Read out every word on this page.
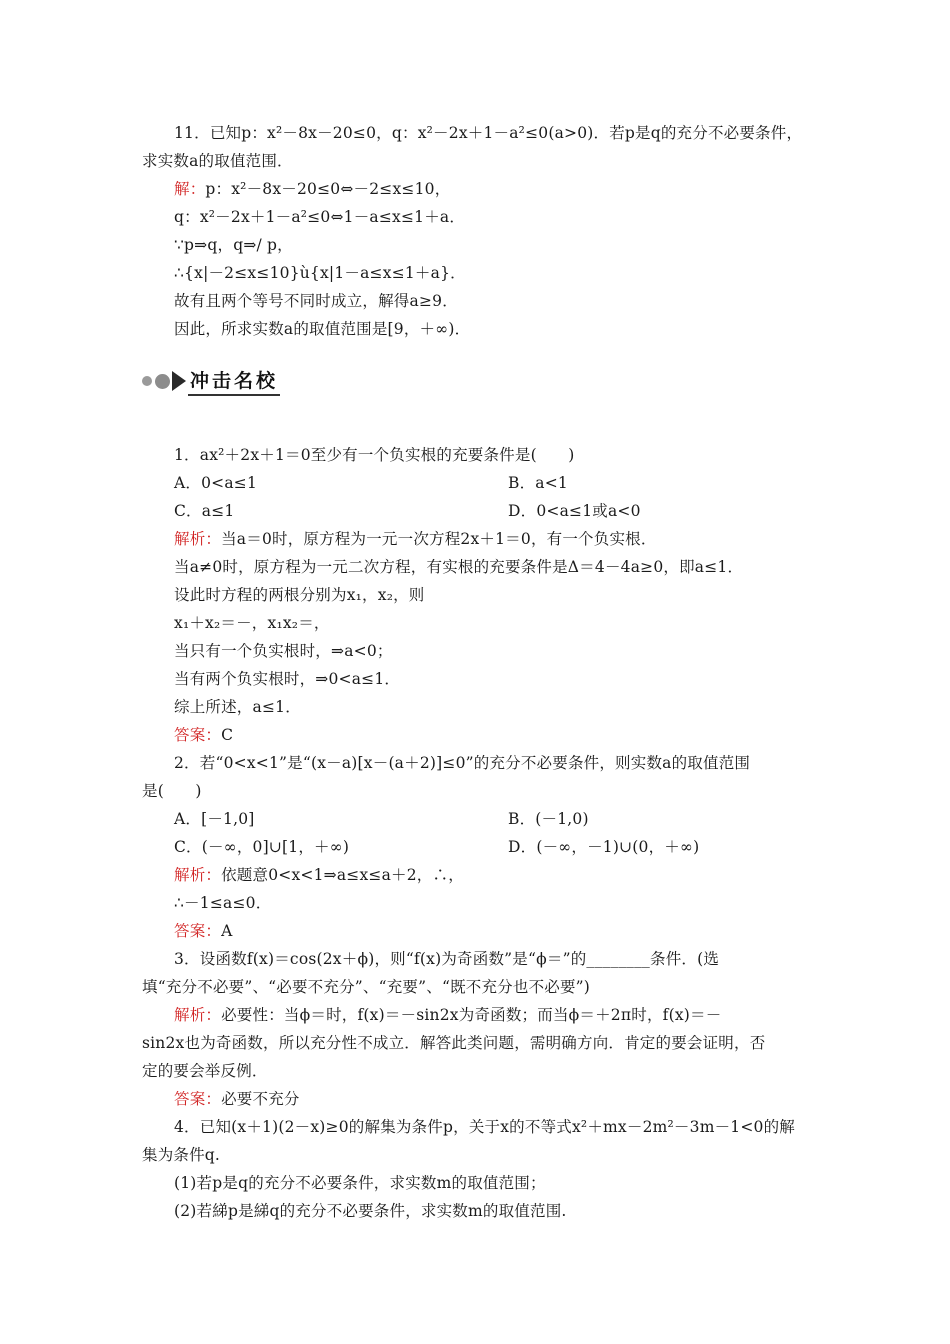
11．已知p：x²－8x－20≤0，q：x²－2x＋1－a²≤0(a>0)．若p是q的充分不必要条件，
求实数a的取值范围．
解：p：x²－8x－20≤0⇔－2≤x≤10，
q：x²－2x＋1－a²≤0⇔1－a≤x≤1＋a．
∵p⇒q，q⇒/ p，
∴{x|－2≤x≤10}ù{x|1－a≤x≤1＋a}．
故有且两个等号不同时成立，解得a≥9．
因此，所求实数a的取值范围是[9，＋∞)．
冲击名校
1．ax²＋2x＋1＝0至少有一个负实根的充要条件是(　　)
A．0<a≤1	B．a<1
C．a≤1	D．0<a≤1或a<0
解析：当a＝0时，原方程为一元一次方程2x＋1＝0，有一个负实根．
当a≠0时，原方程为一元二次方程，有实根的充要条件是Δ＝4－4a≥0，即a≤1．
设此时方程的两根分别为x₁，x₂，则
x₁＋x₂＝－，x₁x₂＝，
当只有一个负实根时，⇒a<0；
当有两个负实根时，⇒0<a≤1．
综上所述，a≤1．
答案：C
2．若“0<x<1”是“(x－a)[x－(a＋2)]≤0”的充分不必要条件，则实数a的取值范围
是(　　)
A．[－1,0]	B．(－1,0)
C．(－∞，0]∪[1，＋∞)	D．(－∞，－1)∪(0，＋∞)
解析：依题意0<x<1⇒a≤x≤a＋2，∴，
∴－1≤a≤0．
答案：A
3．设函数f(x)＝cos(2x＋ϕ)，则“f(x)为奇函数”是“ϕ＝”的________条件．(选
填“充分不必要”、“必要不充分”、“充要”、“既不充分也不必要”)
解析：必要性：当ϕ＝时，f(x)＝－sin2x为奇函数；而当ϕ＝＋2π时，f(x)＝－
sin2x也为奇函数，所以充分性不成立．解答此类问题，需明确方向．肯定的要会证明，否
定的要会举反例．
答案：必要不充分
4．已知(x＋1)(2－x)≥0的解集为条件p，关于x的不等式x²＋mx－2m²－3m－1<0的解
集为条件q.
(1)若p是q的充分不必要条件，求实数m的取值范围；
(2)若綈p是綈q的充分不必要条件，求实数m的取值范围.
